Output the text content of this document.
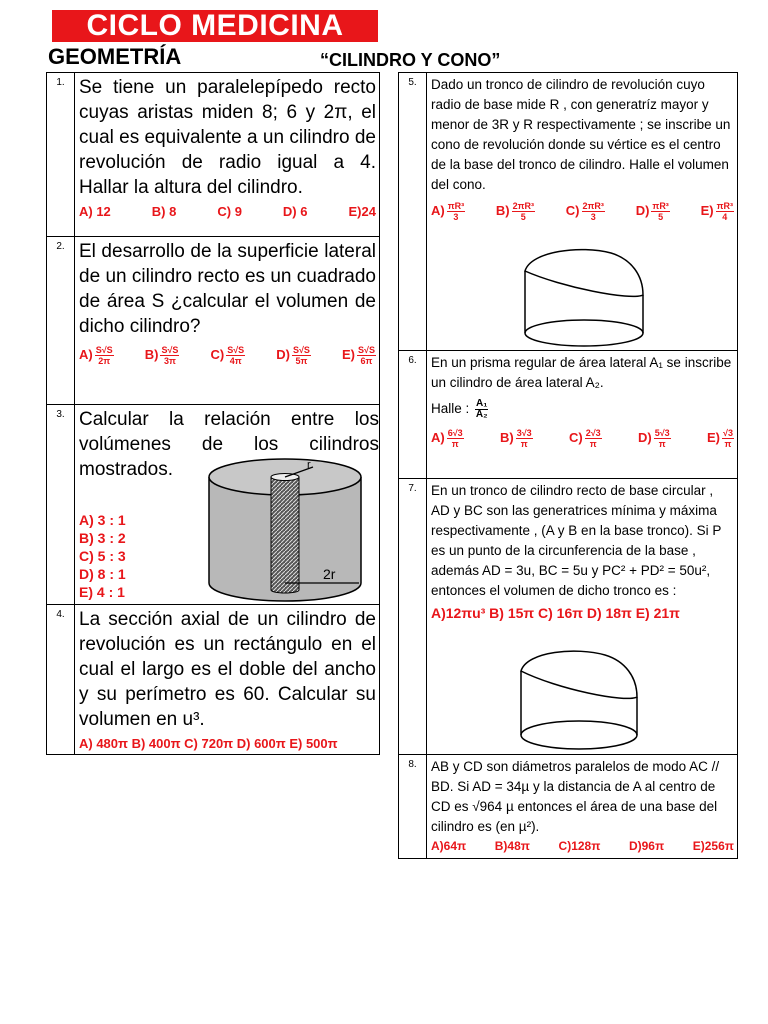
CICLO MEDICINA
GEOMETRÍA	“CILINDRO Y CONO”
1. Se tiene un paralelepípedo recto cuyas aristas miden 8; 6 y 2π, el cual es equivalente a un cilindro de revolución de radio igual a 4. Hallar la altura del cilindro.
A) 12	B) 8	C) 9	D) 6	E)24
2. El desarrollo de la superficie lateral de un cilindro recto es un cuadrado de área S ¿calcular el volumen de dicho cilindro?
$A) \frac{S√S}{2\pi} B) \frac{S√S}{3\pi} C) \frac{S√S}{4\pi} D) \frac{S√S}{5\pi} E) \frac{S√S}{6\pi}$
3. Calcular la relación entre los volúmenes de los cilindros mostrados.
A) 3 : 1
B) 3 : 2
C) 5 : 3
D) 8 : 1
E) 4 : 1
r
2r
4. La sección axial de un cilindro de revolución es un rectángulo en el cual el largo es el doble del ancho y su perímetro es 60. Calcular su volumen en u³.
A) 480π B) 400π C) 720π D) 600π E) 500π
5.	Dado un tronco de cilindro de revolución cuyo radio de base mide R , con generatríz mayor y menor de 3R y R respectivamente ; se inscribe un cono de revolución donde su vértice es el centro de la base del tronco de cilindro. Halle el volumen del cono.
$A) \frac{\text{πR³}}{3} B) \frac{\text{2πR³}}{5} C) \frac{\text{2πR³}}{3} D) \frac{\text{πR³}}{5} E) \frac{\text{πR³}}{4}$
6.	En un prisma regular de área lateral A₁ se inscribe un cilindro de área lateral A₂.
Halle : $\frac{\text{A₁}}{\text{A₂}}$
$A) \frac{6√3}{\pi}$	$B) \frac{3√3}{\pi}$	$C) \frac{2√3}{\pi}$	$D) \frac{5√3}{\pi}$	$E) \frac{√3}{\pi}$
7.	En un tronco de cilindro recto de base circular , AD y BC son las generatrices mínima y máxima respectivamente , (A y B en la base tronco). Si P es un punto de la circunferencia de la base , además AD = 3u, BC = 5u y PC² + PD² = 50u², entonces el volumen de dicho tronco es :
A)12πu³ B) 15π C) 16π D) 18π E) 21π
8.	AB y CD son diámetros paralelos de modo AC // BD. Si AD = 34µ y la distancia de A al centro de CD es √964 µ entonces el área de una base del cilindro es (en µ²).
A)64π B)48π C)128π D)96π E)256π
